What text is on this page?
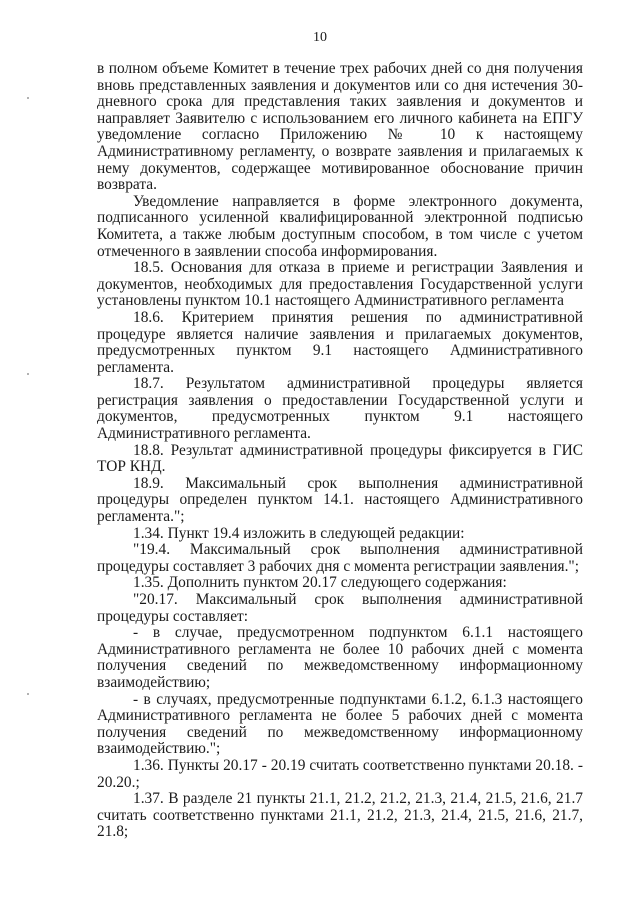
10

в полном объеме Комитет в течение трех рабочих дней со дня получения вновь представленных заявления и документов или со дня истечения 30-дневного срока для представления таких заявления и документов и направляет Заявителю с использованием его личного кабинета на ЕПГУ уведомление согласно Приложению № 10 к настоящему Административному регламенту, о возврате заявления и прилагаемых к нему документов, содержащее мотивированное обоснование причин возврата.

Уведомление направляется в форме электронного документа, подписанного усиленной квалифицированной электронной подписью Комитета, а также любым доступным способом, в том числе с учетом отмеченного в заявлении способа информирования.

18.5. Основания для отказа в приеме и регистрации Заявления и документов, необходимых для предоставления Государственной услуги установлены пунктом 10.1 настоящего Административного регламента

18.6. Критерием принятия решения по административной процедуре является наличие заявления и прилагаемых документов, предусмотренных пунктом 9.1 настоящего Административного регламента.

18.7. Результатом административной процедуры является регистрация заявления о предоставлении Государственной услуги и документов, предусмотренных пунктом 9.1 настоящего Административного регламента.

18.8. Результат административной процедуры фиксируется в ГИС ТОР КНД.

18.9. Максимальный срок выполнения административной процедуры определен пунктом 14.1. настоящего Административного регламента.";

1.34. Пункт 19.4 изложить в следующей редакции:

"19.4. Максимальный срок выполнения административной процедуры составляет 3 рабочих дня с момента регистрации заявления.";

1.35. Дополнить пунктом 20.17 следующего содержания:

"20.17. Максимальный срок выполнения административной процедуры составляет:

- в случае, предусмотренном подпунктом 6.1.1 настоящего Административного регламента не более 10 рабочих дней с момента получения сведений по межведомственному информационному взаимодействию;

- в случаях, предусмотренные подпунктами 6.1.2, 6.1.3 настоящего Административного регламента не более 5 рабочих дней с момента получения сведений по межведомственному информационному взаимодействию.";

1.36. Пункты 20.17 - 20.19 считать соответственно пунктами 20.18. - 20.20.;

1.37. В разделе 21 пункты 21.1, 21.2, 21.2, 21.3, 21.4, 21.5, 21.6, 21.7 считать соответственно пунктами 21.1, 21.2, 21.3, 21.4, 21.5, 21.6, 21.7, 21.8;
